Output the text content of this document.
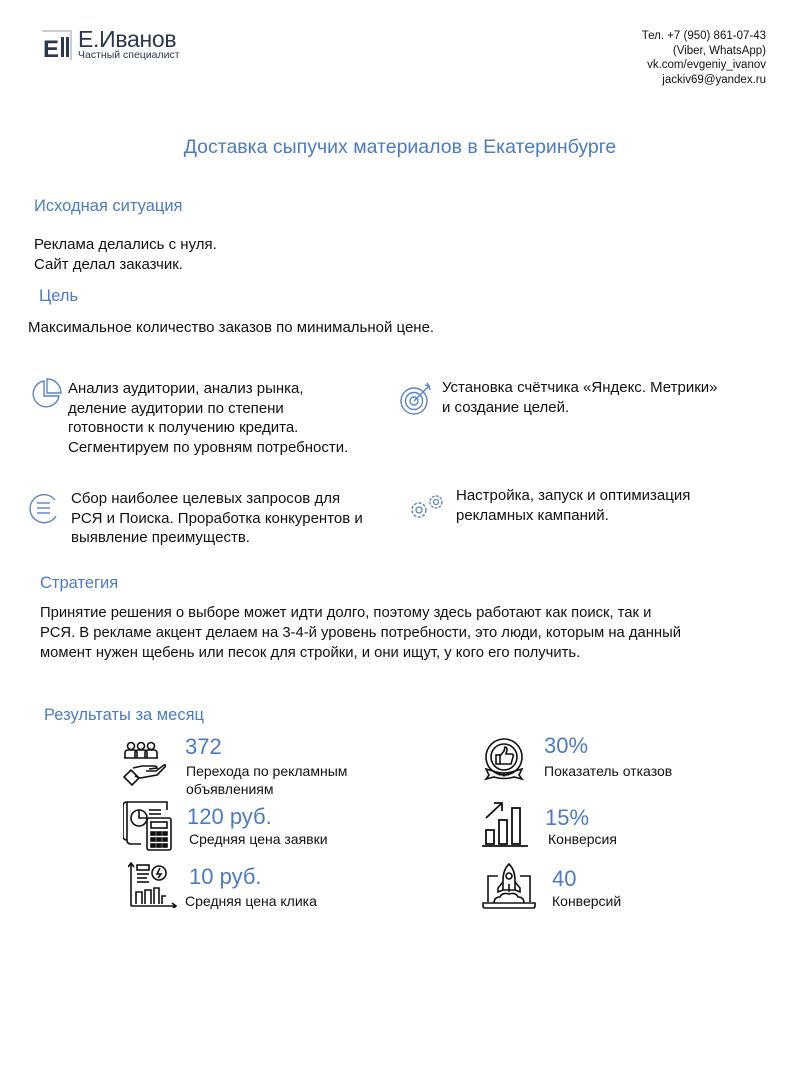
Е Е.Иванов
Частный специалист
Тел. +7 (950) 861-07-43
(Viber, WhatsApp)
vk.com/evgeniy_ivanov
jackiv69@yandex.ru
Доставка сыпучих материалов в Екатеринбурге
Исходная ситуация
Реклама делались с нуля.
Сайт делал заказчик.
Цель
Максимальное количество заказов по минимальной цене.
Анализ аудитории, анализ рынка,
деление аудитории по степени
готовности к получению кредита.
Сегментируем по уровням потребности.
Установка счётчика «Яндекс. Метрики»
и создание целей.
Сбор наиболее целевых запросов для
РСЯ и Поиска. Проработка конкурентов и
выявление преимуществ.
Настройка, запуск и оптимизация
рекламных кампаний.
Стратегия
Принятие решения о выборе может идти долго, поэтому здесь работают как поиск, так и
РСЯ. В рекламе акцент делаем на 3-4-й уровень потребности, это люди, которым на данный
момент нужен щебень или песок для стройки, и они ищут, у кого его получить.
Результаты за месяц
372
Перехода по рекламным
объявлениям
30%
Показатель отказов
120 руб.
Средняя цена заявки
15%
Конверсия
10 руб.
Средняя цена клика
40
Конверсий
